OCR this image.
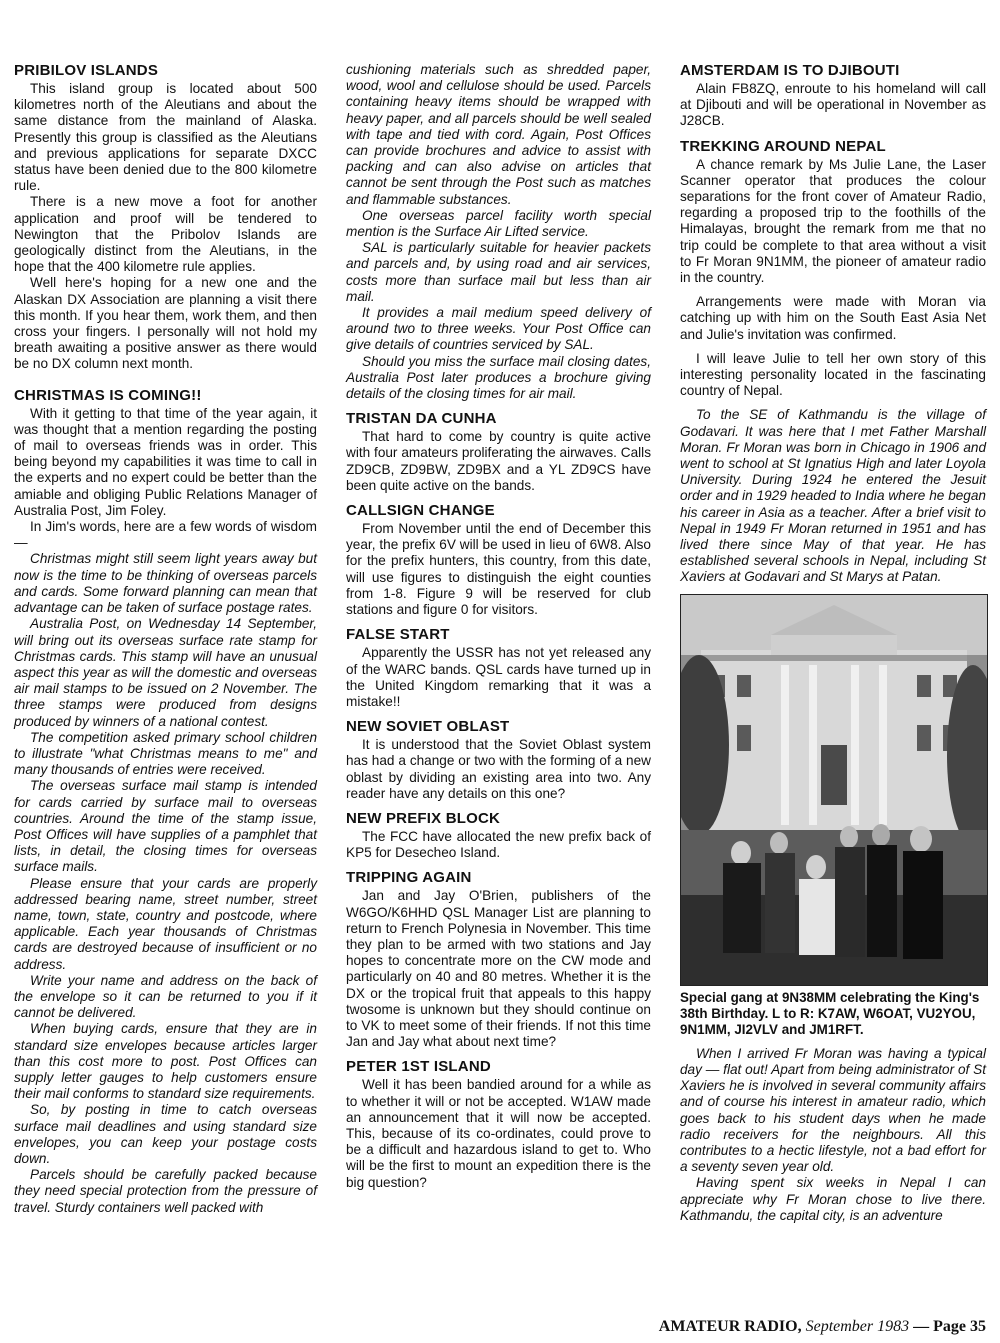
PRIBILOV ISLANDS

This island group is located about 500 kilometres north of the Aleutians and about the same distance from the mainland of Alaska. Presently this group is classified as the Aleutians and previous applications for separate DXCC status have been denied due to the 800 kilometre rule.

There is a new move a foot for another application and proof will be tendered to Newington that the Pribolov Islands are geologically distinct from the Aleutians, in the hope that the 400 kilometre rule applies.

Well here's hoping for a new one and the Alaskan DX Association are planning a visit there this month. If you hear them, work them, and then cross your fingers. I personally will not hold my breath awaiting a positive answer as there would be no DX column next month.

CHRISTMAS IS COMING!!

With it getting to that time of the year again, it was thought that a mention regarding the posting of mail to overseas friends was in order. This being beyond my capabilities it was time to call in the experts and no expert could be better than the amiable and obliging Public Relations Manager of Australia Post, Jim Foley.

In Jim's words, here are a few words of wisdom —

Christmas might still seem light years away but now is the time to be thinking of overseas parcels and cards. Some forward planning can mean that advantage can be taken of surface postage rates.

Australia Post, on Wednesday 14 September, will bring out its overseas surface rate stamp for Christmas cards. This stamp will have an unusual aspect this year as will the domestic and overseas air mail stamps to be issued on 2 November. The three stamps were produced from designs produced by winners of a national contest.

The competition asked primary school children to illustrate "what Christmas means to me" and many thousands of entries were received.

The overseas surface mail stamp is intended for cards carried by surface mail to overseas countries. Around the time of the stamp issue, Post Offices will have supplies of a pamphlet that lists, in detail, the closing times for overseas surface mails.

Please ensure that your cards are properly addressed bearing name, street number, street name, town, state, country and postcode, where applicable. Each year thousands of Christmas cards are destroyed because of insufficient or no address.

Write your name and address on the back of the envelope so it can be returned to you if it cannot be delivered.

When buying cards, ensure that they are in standard size envelopes because articles larger than this cost more to post. Post Offices can supply letter gauges to help customers ensure their mail conforms to standard size requirements.

So, by posting in time to catch overseas surface mail deadlines and using standard size envelopes, you can keep your postage costs down.

Parcels should be carefully packed because they need special protection from the pressure of travel. Sturdy containers well packed with

cushioning materials such as shredded paper, wood, wool and cellulose should be used. Parcels containing heavy items should be wrapped with heavy paper, and all parcels should be well sealed with tape and tied with cord. Again, Post Offices can provide brochures and advice to assist with packing and can also advise on articles that cannot be sent through the Post such as matches and flammable substances.

One overseas parcel facility worth special mention is the Surface Air Lifted service.

SAL is particularly suitable for heavier packets and parcels and, by using road and air services, costs more than surface mail but less than air mail.

It provides a mail medium speed delivery of around two to three weeks. Your Post Office can give details of countries serviced by SAL.

Should you miss the surface mail closing dates, Australia Post later produces a brochure giving details of the closing times for air mail.

TRISTAN DA CUNHA

That hard to come by country is quite active with four amateurs proliferating the airwaves. Calls ZD9CB, ZD9BW, ZD9BX and a YL ZD9CS have been quite active on the bands.

CALLSIGN CHANGE

From November until the end of December this year, the prefix 6V will be used in lieu of 6W8. Also for the prefix hunters, this country, from this date, will use figures to distinguish the eight counties from 1-8. Figure 9 will be reserved for club stations and figure 0 for visitors.

FALSE START

Apparently the USSR has not yet released any of the WARC bands. QSL cards have turned up in the United Kingdom remarking that it was a mistake!!

NEW SOVIET OBLAST

It is understood that the Soviet Oblast system has had a change or two with the forming of a new oblast by dividing an existing area into two. Any reader have any details on this one?

NEW PREFIX BLOCK

The FCC have allocated the new prefix back of KP5 for Desecheo Island.

TRIPPING AGAIN

Jan and Jay O'Brien, publishers of the W6GO/K6HHD QSL Manager List are planning to return to French Polynesia in November. This time they plan to be armed with two stations and Jay hopes to concentrate more on the CW mode and particularly on 40 and 80 metres. Whether it is the DX or the tropical fruit that appeals to this happy twosome is unknown but they should continue on to VK to meet some of their friends. If not this time Jan and Jay what about next time?

PETER 1ST ISLAND

Well it has been bandied around for a while as to whether it will or not be accepted. W1AW made an announcement that it will now be accepted. This, because of its co-ordinates, could prove to be a difficult and hazardous island to get to. Who will be the first to mount an expedition there is the big question?

AMSTERDAM IS TO DJIBOUTI

Alain FB8ZQ, enroute to his homeland will call at Djibouti and will be operational in November as J28CB.

TREKKING AROUND NEPAL

A chance remark by Ms Julie Lane, the Laser Scanner operator that produces the colour separations for the front cover of Amateur Radio, regarding a proposed trip to the foothills of the Himalayas, brought the remark from me that no trip could be complete to that area without a visit to Fr Moran 9N1MM, the pioneer of amateur radio in the country.

Arrangements were made with Moran via catching up with him on the South East Asia Net and Julie's invitation was confirmed.

I will leave Julie to tell her own story of this interesting personality located in the fascinating country of Nepal.

To the SE of Kathmandu is the village of Godavari. It was here that I met Father Marshall Moran. Fr Moran was born in Chicago in 1906 and went to school at St Ignatius High and later Loyola University. During 1924 he entered the Jesuit order and in 1929 headed to India where he began his career in Asia as a teacher. After a brief visit to Nepal in 1949 Fr Moran returned in 1951 and has lived there since May of that year. He has established several schools in Nepal, including St Xaviers at Godavari and St Marys at Patan.

Special gang at 9N38MM celebrating the King's 38th Birthday. L to R: K7AW, W6OAT, VU2YOU, 9N1MM, JI2VLV and JM1RFT.

When I arrived Fr Moran was having a typical day — flat out! Apart from being administrator of St Xaviers he is involved in several community affairs and of course his interest in amateur radio, which goes back to his student days when he made radio receivers for the neighbours. All this contributes to a hectic lifestyle, not a bad effort for a seventy seven year old.

Having spent six weeks in Nepal I can appreciate why Fr Moran chose to live there. Kathmandu, the capital city, is an adventure

AMATEUR RADIO, September 1983 — Page 35
